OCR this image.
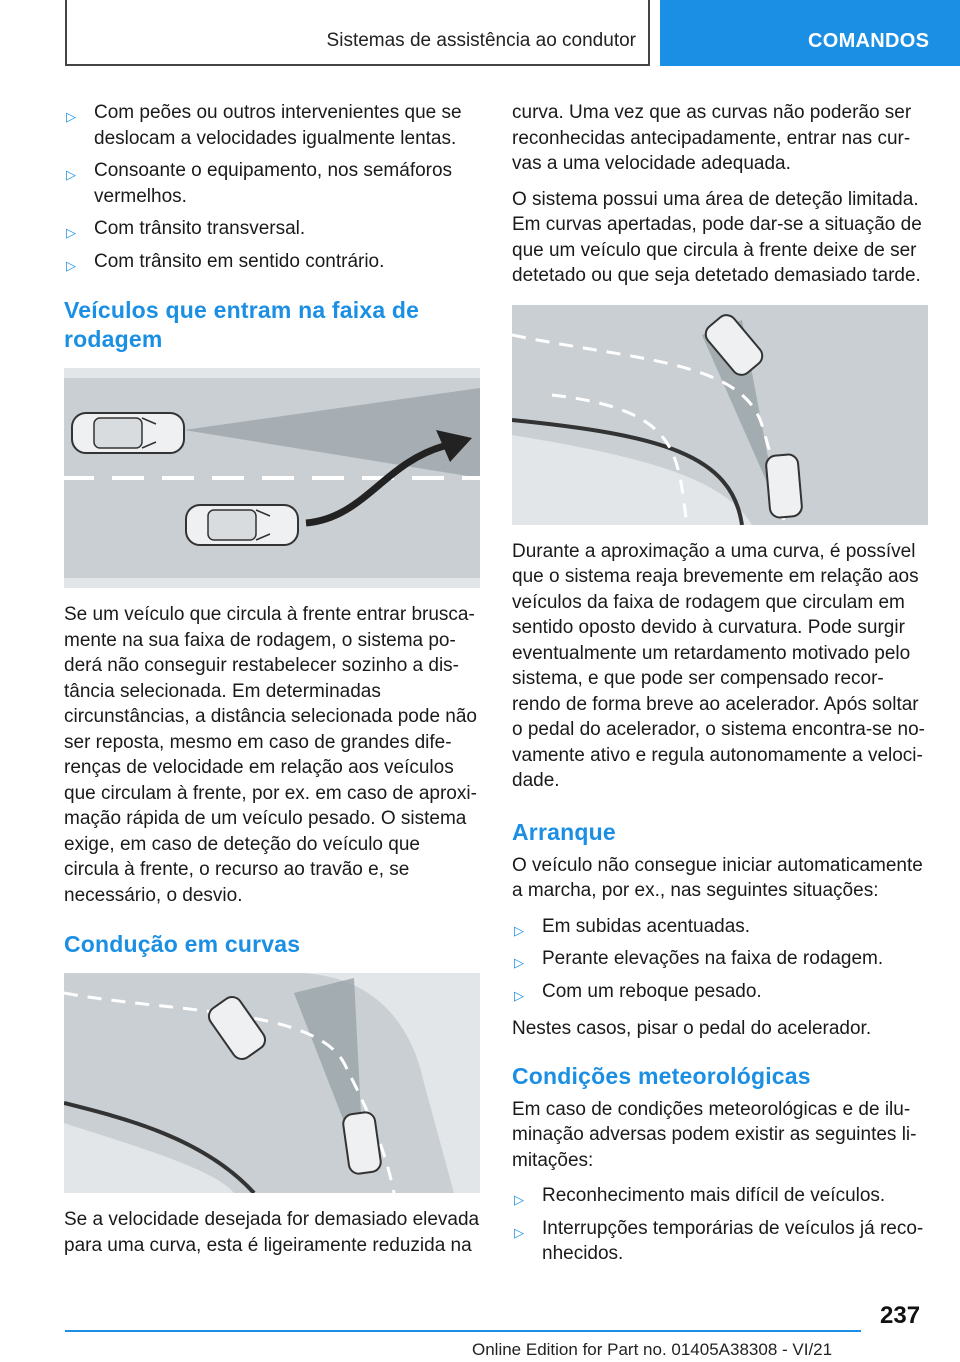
Sistemas de assistência ao condutor	COMANDOS
▷ Com peões ou outros intervenientes que se deslocam a velocidades igualmente lentas.
▷ Consoante o equipamento, nos semáforos vermelhos.
▷ Com trânsito transversal.
▷ Com trânsito em sentido contrário.
Veículos que entram na faixa de rodagem

Se um veículo que circula à frente entrar brusca-mente na sua faixa de rodagem, o sistema po-derá não conseguir restabelecer sozinho a dis-tância selecionada. Em determinadas circunstâncias, a distância selecionada pode não ser reposta, mesmo em caso de grandes dife-renças de velocidade em relação aos veículos que circulam à frente, por ex. em caso de aproxi-mação rápida de um veículo pesado. O sistema exige, em caso de deteção do veículo que circula à frente, o recurso ao travão e, se necessário, o desvio.

Condução em curvas

Se a velocidade desejada for demasiado elevada para uma curva, esta é ligeiramente reduzida na

curva. Uma vez que as curvas não poderão ser reconhecidas antecipadamente, entrar nas cur-vas a uma velocidade adequada.

O sistema possui uma área de deteção limitada. Em curvas apertadas, pode dar-se a situação de que um veículo que circula à frente deixe de ser detetado ou que seja detetado demasiado tarde.

Durante a aproximação a uma curva, é possível que o sistema reaja brevemente em relação aos veículos da faixa de rodagem que circulam em sentido oposto devido à curvatura. Pode surgir eventualmente um retardamento motivado pelo sistema, e que pode ser compensado recor-rendo de forma breve ao acelerador. Após soltar o pedal do acelerador, o sistema encontra-se no-vamente ativo e regula autonomamente a veloci-dade.

Arranque

O veículo não consegue iniciar automaticamente a marcha, por ex., nas seguintes situações:

▷ Em subidas acentuadas.
▷ Perante elevações na faixa de rodagem.
▷ Com um reboque pesado.

Nestes casos, pisar o pedal do acelerador.

Condições meteorológicas

Em caso de condições meteorológicas e de ilu-minação adversas podem existir as seguintes li-mitações:

▷ Reconhecimento mais difícil de veículos.
▷ Interrupções temporárias de veículos já reco-nhecidos.
237
Online Edition for Part no. 01405A38308 - VI/21
